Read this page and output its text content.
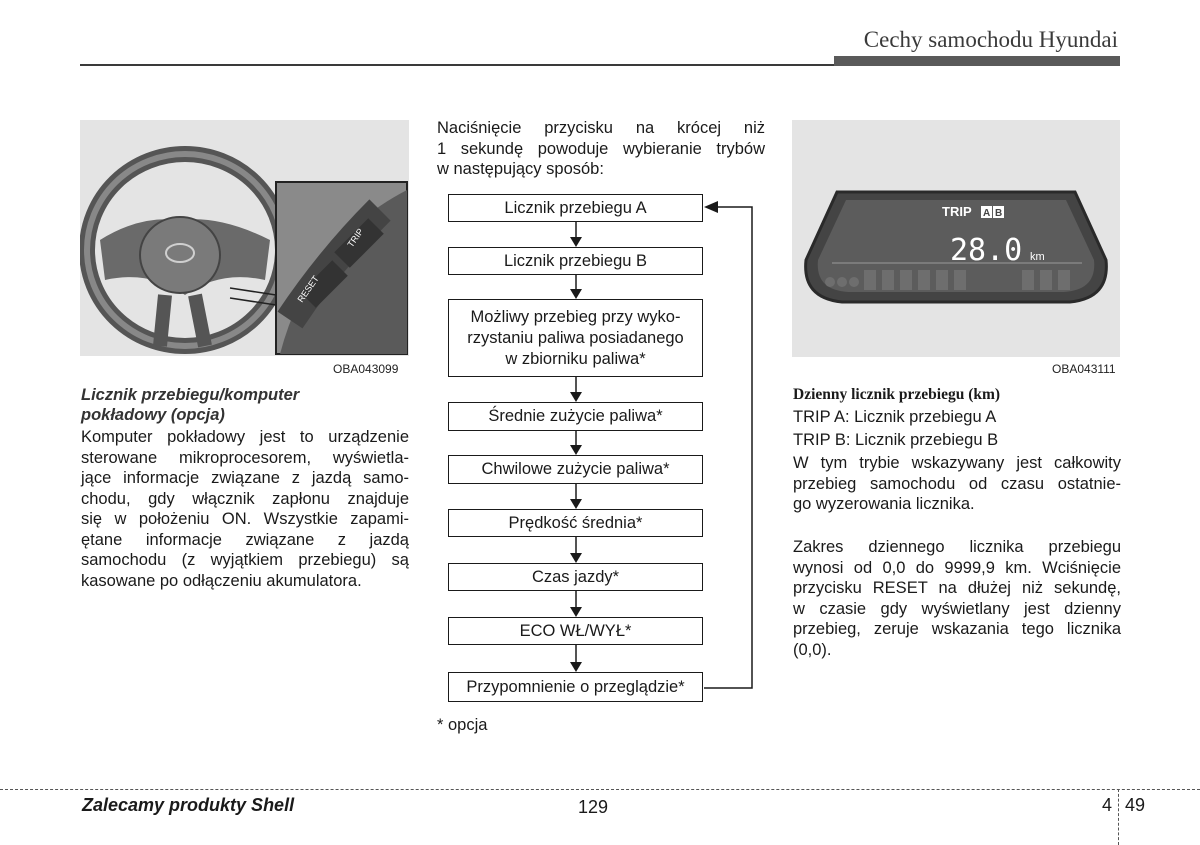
Cechy samochodu Hyundai
RESET
TRIP
OBA043099
Licznik przebiegu/komputer
pokładowy (opcja)
Komputer pokładowy jest to urządzenie
sterowane mikroprocesorem, wyświetla-
jące informacje związane z jazdą samo-
chodu, gdy włącznik zapłonu znajduje
się w położeniu ON. Wszystkie zapami-
ętane informacje związane z jazdą
samochodu (z wyjątkiem przebiegu) są
kasowane po odłączeniu akumulatora.
Naciśnięcie przycisku na krócej niż
1 sekundę powoduje wybieranie trybów
w następujący sposób:
Licznik przebiegu A
Licznik przebiegu B
Możliwy przebieg przy wyko-
rzystaniu paliwa posiadanego
w zbiorniku paliwa*
Średnie zużycie paliwa*
Chwilowe zużycie paliwa*
Prędkość średnia*
Czas jazdy*
ECO WŁ/WYŁ*
Przypomnienie o przeglądzie*
* opcja
TRIP A B
28.0 km
OBA043111
Dzienny licznik przebiegu (km)
TRIP A: Licznik przebiegu A
TRIP B: Licznik przebiegu B
W tym trybie wskazywany jest całkowity
przebieg samochodu od czasu ostatnie-
go wyzerowania licznika.
Zakres dziennego licznika przebiegu
wynosi od 0,0 do 9999,9 km. Wciśnięcie
przycisku RESET na dłużej niż sekundę,
w czasie gdy wyświetlany jest dzienny
przebieg, zeruje wskazania tego licznika
(0,0).
Zalecamy produkty Shell	129	4 49
